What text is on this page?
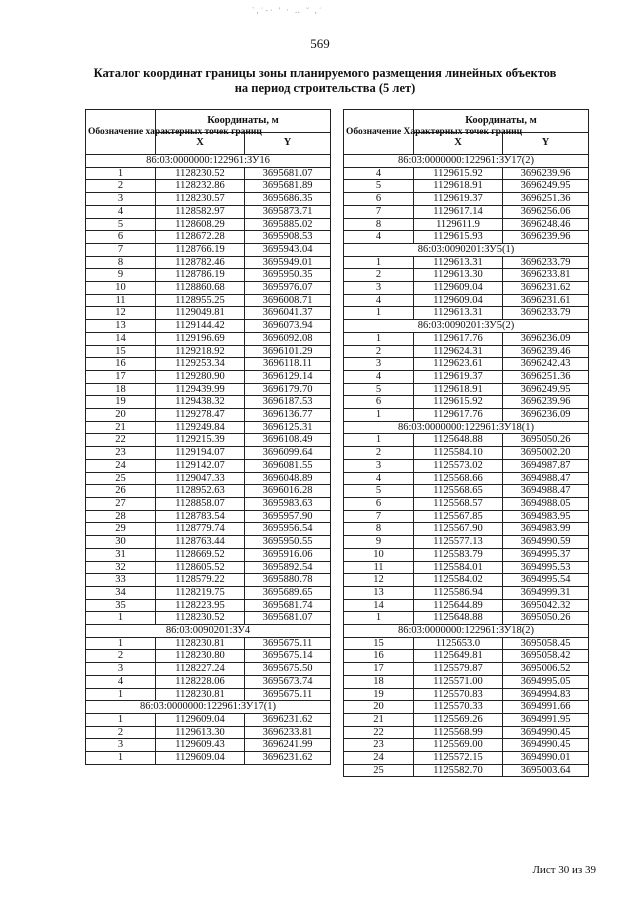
`,˙-· ' · ‥ ˘ ,˙
569
Каталог координат границы зоны планируемого размещения линейных объектов
на период строительства (5 лет)
Обозначение характерных точек границ	Координаты, м	
	X	Y
86:03:0000000:122961:ЗУ16		
1	1128230.52	3695681.07
2	1128232.86	3695681.89
3	1128230.57	3695686.35
4	1128582.97	3695873.71
5	1128608.29	3695885.02
6	1128672.28	3695908.53
7	1128766.19	3695943.04
8	1128782.46	3695949.01
9	1128786.19	3695950.35
10	1128860.68	3695976.07
11	1128955.25	3696008.71
12	1129049.81	3696041.37
13	1129144.42	3696073.94
14	1129196.69	3696092.08
15	1129218.92	3696101.29
16	1129253.34	3696118.11
17	1129280.90	3696129.14
18	1129439.99	3696179.70
19	1129438.32	3696187.53
20	1129278.47	3696136.77
21	1129249.84	3696125.31
22	1129215.39	3696108.49
23	1129194.07	3696099.64
24	1129142.07	3696081.55
25	1129047.33	3696048.89
26	1128952.63	3696016.28
27	1128858.07	3695983.63
28	1128783.54	3695957.90
29	1128779.74	3695956.54
30	1128763.44	3695950.55
31	1128669.52	3695916.06
32	1128605.52	3695892.54
33	1128579.22	3695880.78
34	1128219.75	3695689.65
35	1128223.95	3695681.74
1	1128230.52	3695681.07
86:03:0090201:ЗУ4		
1	1128230.81	3695675.11
2	1128230.80	3695675.14
3	1128227.24	3695675.50
4	1128228.06	3695673.74
1	1128230.81	3695675.11
86:03:0000000:122961:ЗУ17(1)		
1	1129609.04	3696231.62
2	1129613.30	3696233.81
3	1129609.43	3696241.99
1	1129609.04	3696231.62
Обозначение Характерных точек границ	Координаты, м	
	X	Y
86:03:0000000:122961:ЗУ17(2)		
4	1129615.92	3696239.96
5	1129618.91	3696249.95
6	1129619.37	3696251.36
7	1129617.14	3696256.06
8	1129611.9	3696248.46
4	1129615.93	3696239.96
86:03:0090201:ЗУ5(1)		
1	1129613.31	3696233.79
2	1129613.30	3696233.81
3	1129609.04	3696231.62
4	1129609.04	3696231.61
1	1129613.31	3696233.79
86:03:0090201:ЗУ5(2)		
1	1129617.76	3696236.09
2	1129624.31	3696239.46
3	1129623.61	3696242.43
4	1129619.37	3696251.36
5	1129618.91	3696249.95
6	1129615.92	3696239.96
1	1129617.76	3696236.09
86:03:0000000:122961:ЗУ18(1)		
1	1125648.88	3695050.26
2	1125584.10	3695002.20
3	1125573.02	3694987.87
4	1125568.66	3694988.47
5	1125568.65	3694988.47
6	1125568.57	3694988.05
7	1125567.85	3694983.95
8	1125567.90	3694983.99
9	1125577.13	3694990.59
10	1125583.79	3694995.37
11	1125584.01	3694995.53
12	1125584.02	3694995.54
13	1125586.94	3694999.31
14	1125644.89	3695042.32
1	1125648.88	3695050.26
86:03:0000000:122961:ЗУ18(2)		
15	1125653.0	3695058.45
16	1125649.81	3695058.42
17	1125579.87	3695006.52
18	1125571.00	3694995.05
19	1125570.83	3694994.83
20	1125570.33	3694991.66
21	1125569.26	3694991.95
22	1125568.99	3694990.45
23	1125569.00	3694990.45
24	1125572.15	3694990.01
25	1125582.70	3695003.64
Лист 30 из 39
